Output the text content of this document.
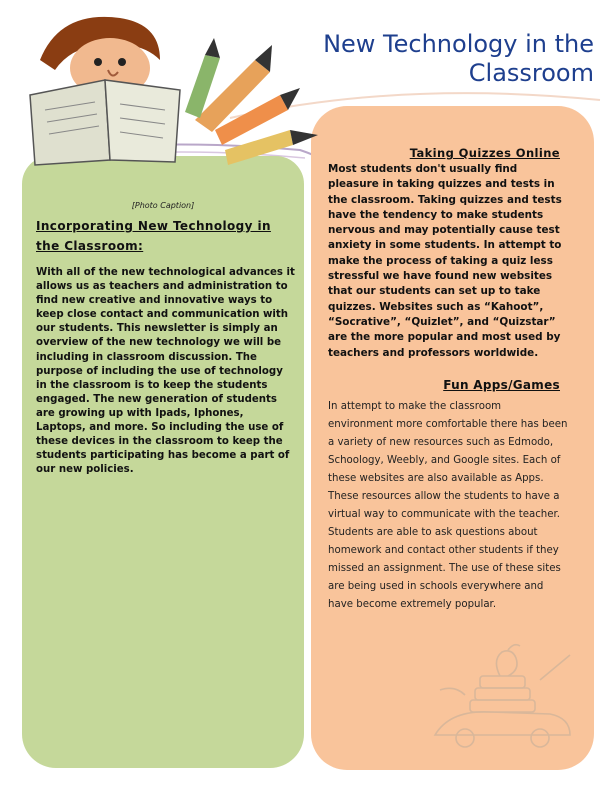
New Technology in the
Classroom
[Photo Caption]
Incorporating New Technology in the Classroom:

With all of the new technological advances it allows us as teachers and administration to find new creative and innovative ways to keep close contact and communication with our students. This newsletter is simply an overview of the new technology we will be including in classroom discussion. The purpose of including the use of technology in the classroom is to keep the students engaged. The new generation of students are growing up with Ipads, Iphones, Laptops, and more. So including the use of these devices in the classroom to keep the students participating has become a part of our new policies.

Taking Quizzes Online

Most students don't usually find pleasure in taking quizzes and tests in the classroom. Taking quizzes and tests have the tendency to make students nervous and may potentially cause test anxiety in some students. In attempt to make the process of taking a quiz less stressful we have found new websites that our students can set up to take quizzes. Websites such as “Kahoot”, “Socrative”, “Quizlet”, and “Quizstar” are the more popular and most used by teachers and professors worldwide.

Fun Apps/Games

In attempt to make the classroom environment more comfortable there has been a variety of new resources such as Edmodo, Schoology, Weebly, and Google sites. Each of these websites are also available as Apps. These resources allow the students to have a virtual way to communicate with the teacher. Students are able to ask questions about homework and contact other students if they missed an assignment. The use of these sites are being used in schools everywhere and have become extremely popular.
